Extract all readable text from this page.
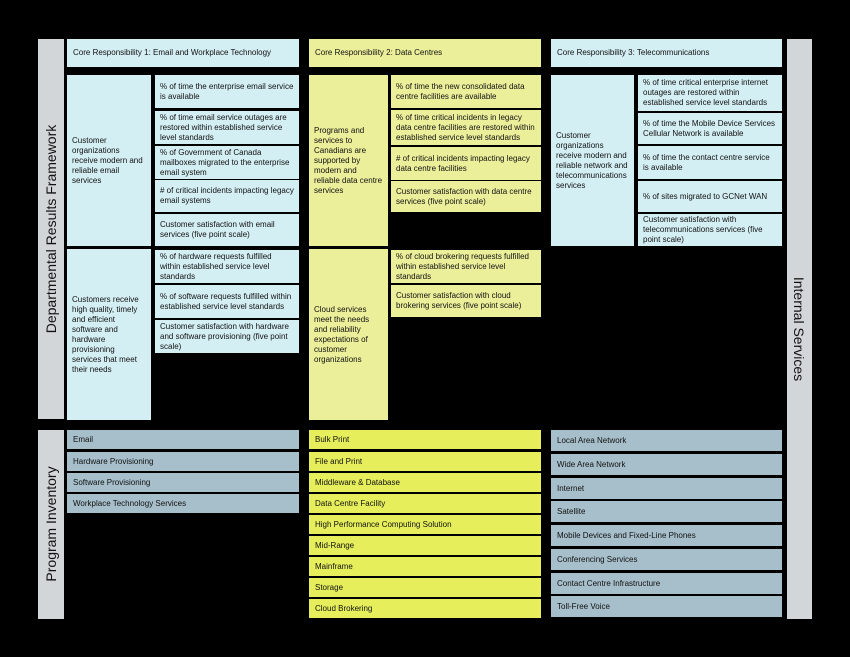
Departmental Results Framework
Program Inventory
Internal Services
Core Responsibility 1: Email and Workplace Technology	Core Responsibility 2: Data Centres	Core Responsibility 3: Telecommunications
Customer organizations receive modern and reliable email services
Customers receive high quality, timely and efficient software and hardware provisioning services that meet their needs
% of time the enterprise email service is available
% of time email service outages are restored within established service level standards
% of Government of Canada mailboxes migrated to the enterprise email system
# of critical incidents impacting legacy email systems
Customer satisfaction with email services (five point scale)
% of hardware requests fulfilled within established service level standards
% of software requests fulfilled within established service level standards
Customer satisfaction with hardware and software provisioning (five point scale)
Programs and services to Canadians are supported by modern and reliable data centre services
Cloud services meet the needs and reliability expectations of customer organizations
% of time the new consolidated data centre facilities are available
% of time critical incidents in legacy data centre facilities are restored within established service level standards
# of critical incidents impacting legacy data centre facilities
Customer satisfaction with data centre services (five point scale)
% of cloud brokering requests fulfilled within established service level standards
Customer satisfaction with cloud brokering services (five point scale)
Customer organizations receive modern and reliable network and telecommunications services
% of time critical enterprise internet outages are restored within established service level standards
% of time the Mobile Device Services Cellular Network is available
% of time the contact centre service is available
% of sites migrated to GCNet WAN
Customer satisfaction with telecommunications services (five point scale)
Email
Hardware Provisioning
Software Provisioning
Workplace Technology Services
Bulk Print
File and Print
Middleware & Database
Data Centre Facility
High Performance Computing Solution
Mid-Range
Mainframe
Storage
Cloud Brokering
Local Area Network
Wide Area Network
Internet
Satellite
Mobile Devices and Fixed-Line Phones
Conferencing Services
Contact Centre Infrastructure
Toll-Free Voice
